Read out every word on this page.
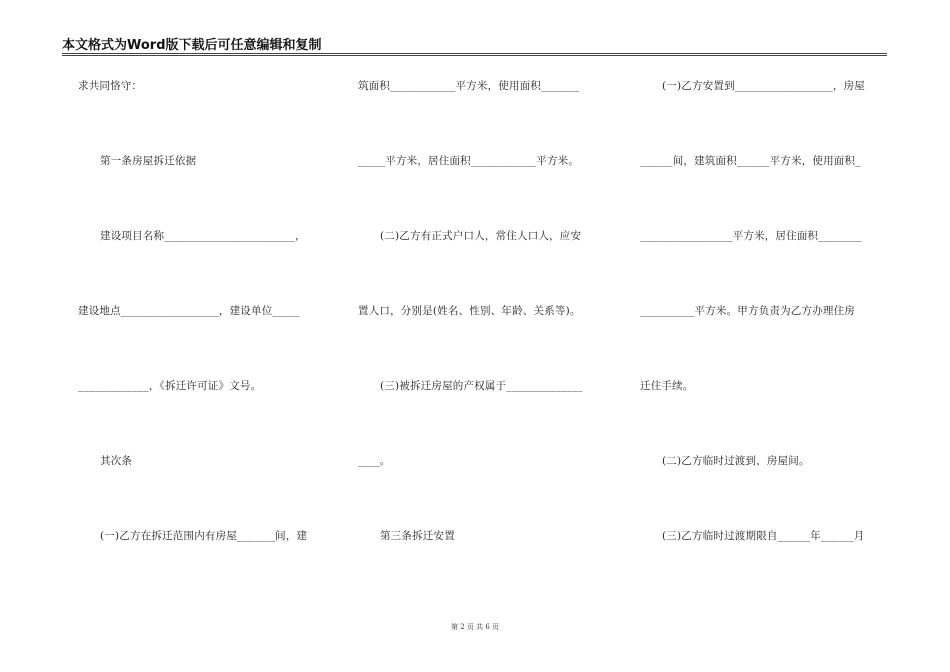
本文格式为Word版下载后可任意编辑和复制
求共同恪守：
第一条房屋拆迁依据
建设项目名称________________________，
建设地点__________________，建设单位_____
_____________，《拆迁许可证》文号。
其次条
(一)乙方在拆迁范围内有房屋_______间，建
筑面积____________平方米，使用面积_______
_____平方米，居住面积____________平方米。
(二)乙方有正式户口人，常住人口人，应安
置人口，分别是(姓名、性别、年龄、关系等)。
(三)被拆迁房屋的产权属于______________
____。
第三条拆迁安置
(一)乙方安置到__________________，房屋
______间，建筑面积______平方米，使用面积_
_________________平方米，居住面积________
__________平方米。甲方负责为乙方办理住房
迁住手续。
(二)乙方临时过渡到，房屋间。
(三)乙方临时过渡期限自______年______月
第 2 页 共 6 页
